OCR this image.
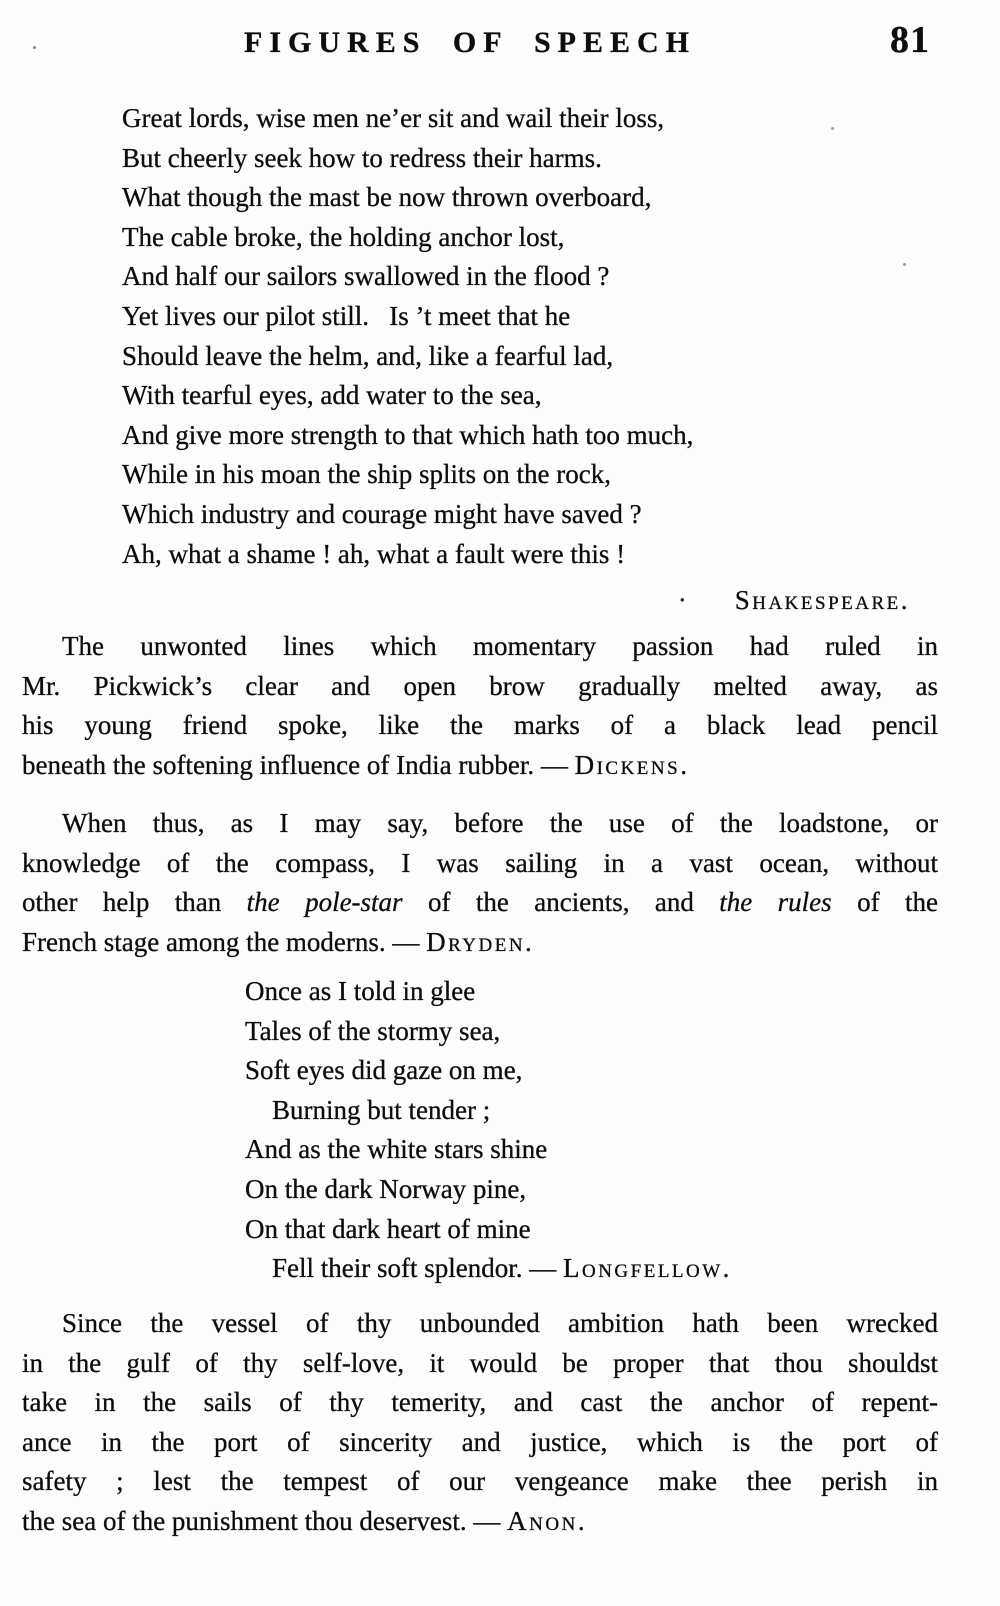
FIGURES OF SPEECH	81
Great lords, wise men ne’er sit and wail their loss,
But cheerly seek how to redress their harms.
What though the mast be now thrown overboard,
The cable broke, the holding anchor lost,
And half our sailors swallowed in the flood ?
Yet lives our pilot still.   Is ’t meet that he
Should leave the helm, and, like a fearful lad,
With tearful eyes, add water to the sea,
And give more strength to that which hath too much,
While in his moan the ship splits on the rock,
Which industry and courage might have saved ?
Ah, what a shame ! ah, what a fault were this !
· Shakespeare.
The unwonted lines which momentary passion had ruled in
Mr. Pickwick’s clear and open brow gradually melted away, as
his young friend spoke, like the marks of a black lead pencil
beneath the softening influence of India rubber. — Dickens.
When thus, as I may say, before the use of the loadstone, or
knowledge of the compass, I was sailing in a vast ocean, without
other help than the pole-star of the ancients, and the rules of the
French stage among the moderns. — Dryden.
Once as I told in glee
Tales of the stormy sea,
Soft eyes did gaze on me,
Burning but tender ;
And as the white stars shine
On the dark Norway pine,
On that dark heart of mine
Fell their soft splendor. — Longfellow.
Since the vessel of thy unbounded ambition hath been wrecked
in the gulf of thy self-love, it would be proper that thou shouldst
take in the sails of thy temerity, and cast the anchor of repent-
ance in the port of sincerity and justice, which is the port of
safety ; lest the tempest of our vengeance make thee perish in
the sea of the punishment thou deservest. — Anon.
